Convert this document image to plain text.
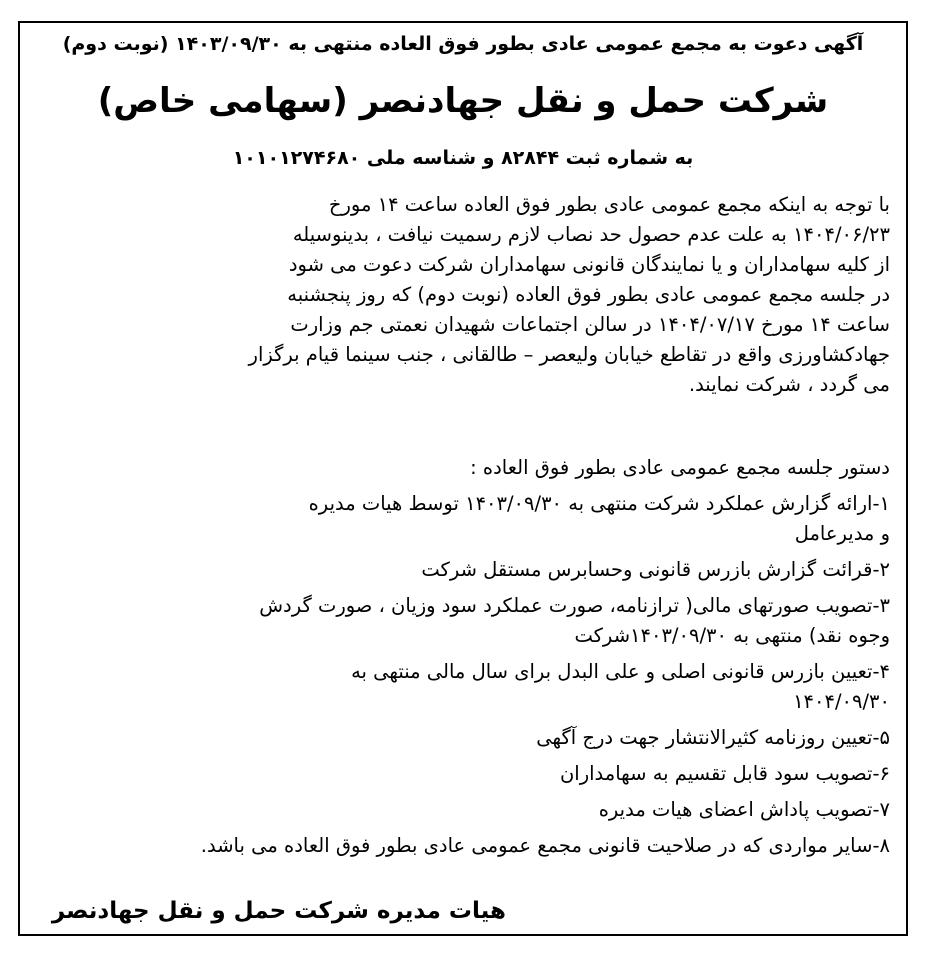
آگهی دعوت به مجمع عمومی عادی بطور فوق العاده منتهی به ۱۴۰۳/۰۹/۳۰ (نوبت دوم)
شرکت حمل و نقل جهادنصر (سهامی خاص)
به شماره ثبت ۸۲۸۴۴ و شناسه ملی ۱۰۱۰۱۲۷۴۶۸۰
با توجه به اینکه مجمع عمومی عادی بطور فوق العاده ساعت ۱۴ مورخ
۱۴۰۴/۰۶/۲۳ به علت عدم حصول حد نصاب لازم رسمیت نیافت ، بدینوسیله
از کلیه سهامداران و یا نمایندگان قانونی سهامداران شرکت دعوت می شود
در جلسه مجمع عمومی عادی بطور فوق العاده (نوبت دوم) که روز پنجشنبه
ساعت ۱۴ مورخ ۱۴۰۴/۰۷/۱۷ در سالن اجتماعات شهیدان نعمتی جم وزارت
جهادکشاورزی واقع در تقاطع خیابان ولیعصر – طالقانی ، جنب سینما قیام برگزار
می گردد ، شرکت نمایند.
دستور جلسه مجمع عمومی عادی بطور فوق العاده :
۱-ارائه گزارش عملکرد شرکت منتهی به ۱۴۰۳/۰۹/۳۰ توسط هیات مدیره
و مدیرعامل
۲-قرائت گزارش بازرس قانونی وحسابرس مستقل شرکت
۳-تصویب صورتهای مالی( ترازنامه، صورت عملکرد سود وزیان ، صورت گردش
وجوه نقد) منتهی به ۱۴۰۳/۰۹/۳۰شرکت
۴-تعیین بازرس قانونی اصلی و علی البدل برای سال مالی منتهی به
۱۴۰۴/۰۹/۳۰
۵-تعیین روزنامه کثیرالانتشار جهت درج آگهی
۶-تصویب سود قابل تقسیم به سهامداران
۷-تصویب پاداش اعضای هیات مدیره
۸-سایر مواردی که در صلاحیت قانونی مجمع عمومی عادی بطور فوق العاده می باشد.
هیات مدیره شرکت حمل و نقل جهادنصر
